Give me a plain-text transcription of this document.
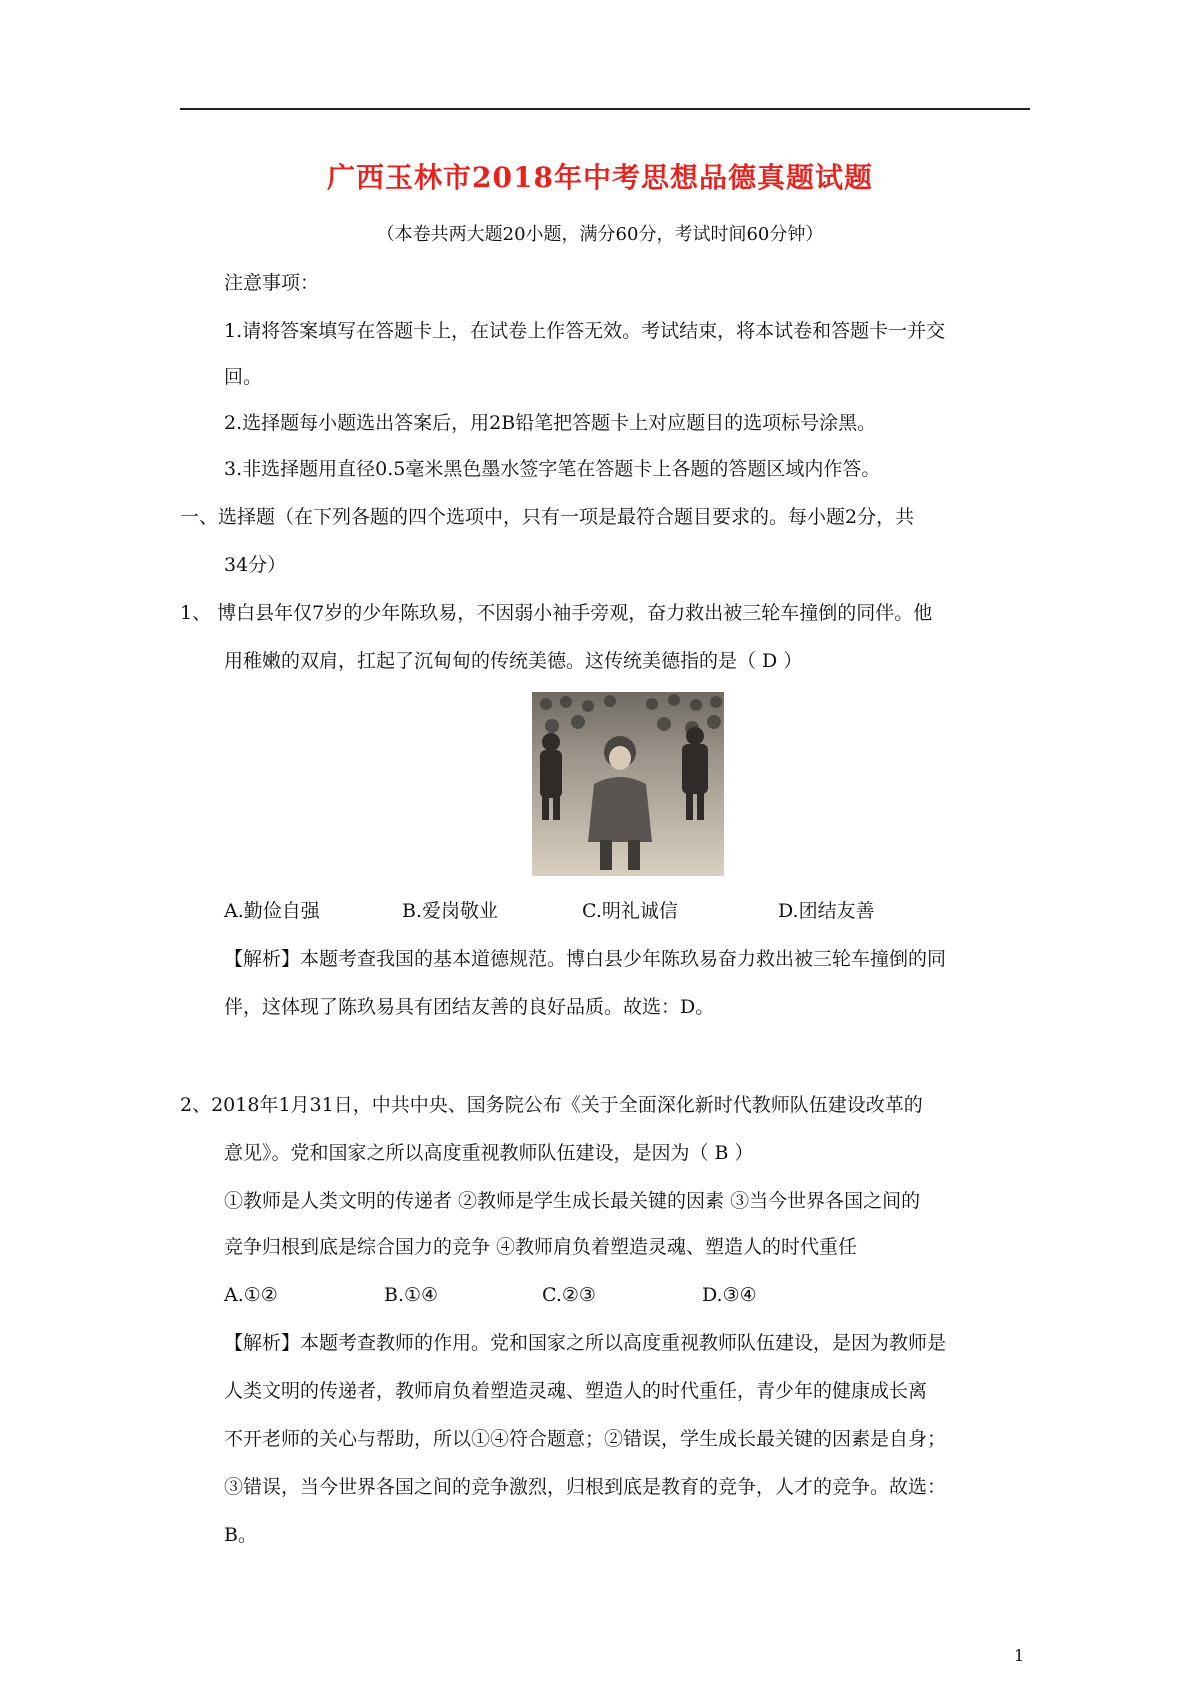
广西玉林市2018年中考思想品德真题试题
（本卷共两大题20小题，满分60分，考试时间60分钟）
注意事项：
1.请将答案填写在答题卡上，在试卷上作答无效。考试结束，将本试卷和答题卡一并交
回。
2.选择题每小题选出答案后，用2B铅笔把答题卡上对应题目的选项标号涂黑。
3.非选择题用直径0.5毫米黑色墨水签字笔在答题卡上各题的答题区域内作答。
一、选择题（在下列各题的四个选项中，只有一项是最符合题目要求的。每小题2分，共
34分）
1、 博白县年仅7岁的少年陈玖易，不因弱小袖手旁观，奋力救出被三轮车撞倒的同伴。他
用稚嫩的双肩，扛起了沉甸甸的传统美德。这传统美德指的是（ D ）
A.勤俭自强	B.爱岗敬业	C.明礼诚信	D.团结友善
【解析】本题考查我国的基本道德规范。博白县少年陈玖易奋力救出被三轮车撞倒的同
伴，这体现了陈玖易具有团结友善的良好品质。故选：D。
2、2018年1月31日，中共中央、国务院公布《关于全面深化新时代教师队伍建设改革的
意见》。党和国家之所以高度重视教师队伍建设，是因为（ B ）
①教师是人类文明的传递者 ②教师是学生成长最关键的因素 ③当今世界各国之间的
竞争归根到底是综合国力的竞争 ④教师肩负着塑造灵魂、塑造人的时代重任
A.①②	B.①④	C.②③	D.③④
【解析】本题考查教师的作用。党和国家之所以高度重视教师队伍建设，是因为教师是
人类文明的传递者，教师肩负着塑造灵魂、塑造人的时代重任，青少年的健康成长离
不开老师的关心与帮助，所以①④符合题意；②错误，学生成长最关键的因素是自身；
③错误，当今世界各国之间的竞争激烈，归根到底是教育的竞争，人才的竞争。故选：
B。
1
